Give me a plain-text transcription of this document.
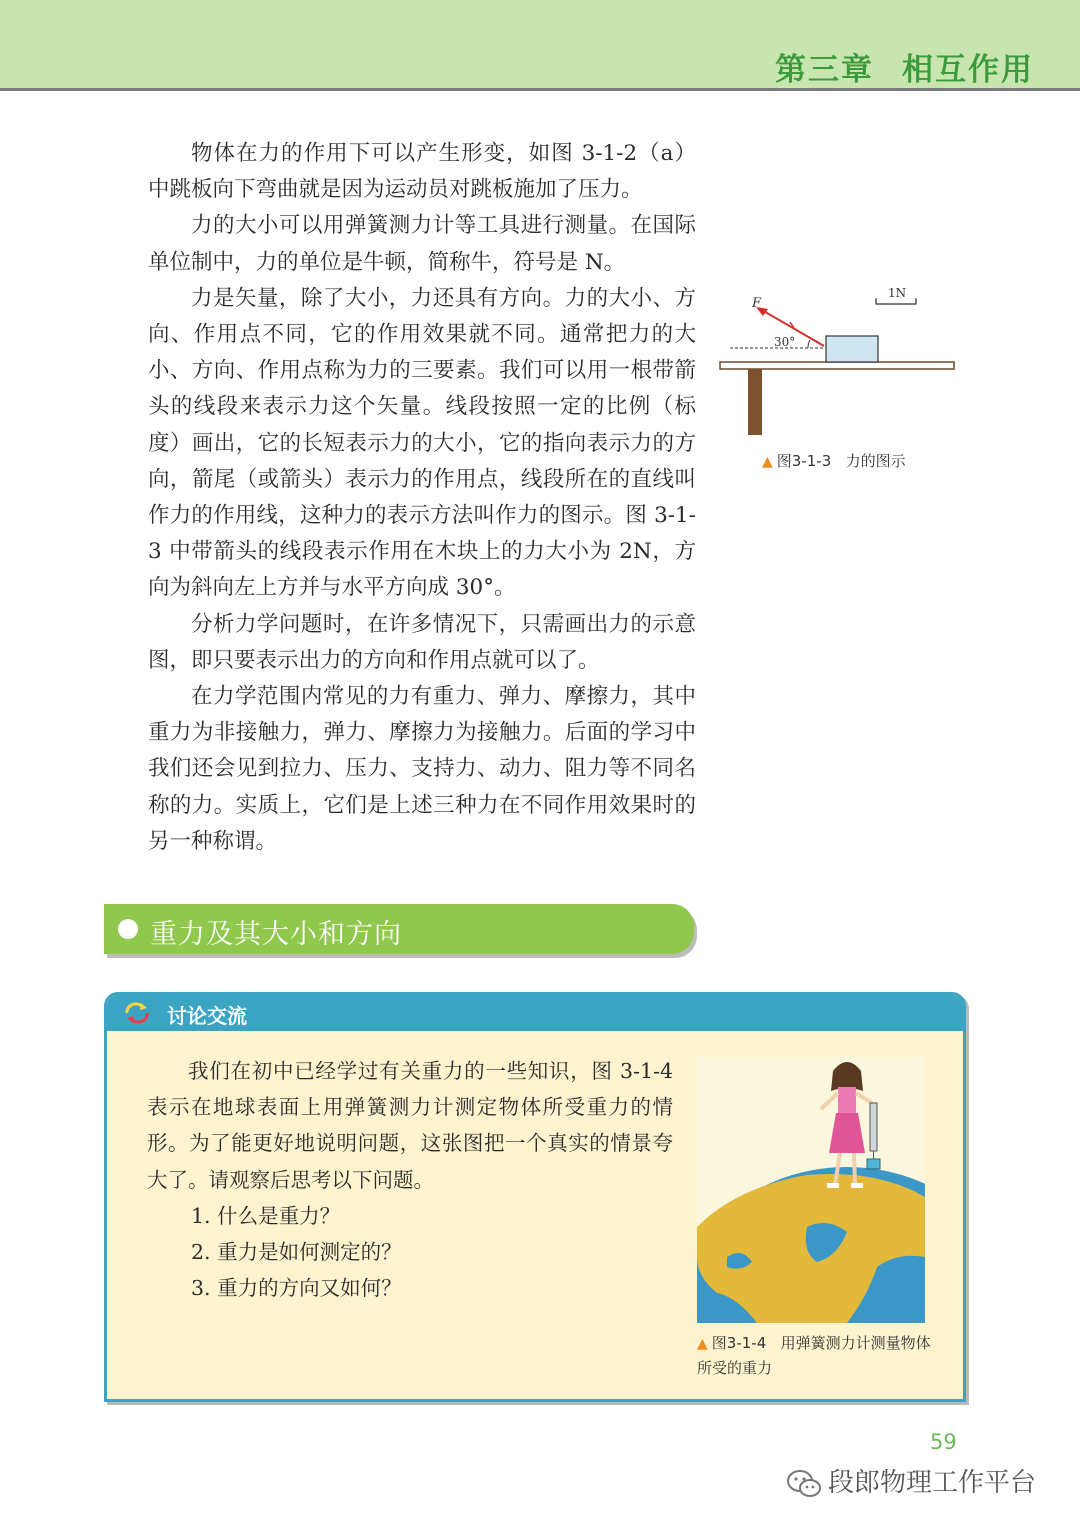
第三章 相互作用

物体在力的作用下可以产生形变，如图 3-1-2（a）中跳板向下弯曲就是因为运动员对跳板施加了压力。

力的大小可以用弹簧测力计等工具进行测量。在国际单位制中，力的单位是牛顿，简称牛，符号是 N。

力是矢量，除了大小，力还具有方向。力的大小、方向、作用点不同，它的作用效果就不同。通常把力的大小、方向、作用点称为力的三要素。我们可以用一根带箭头的线段来表示力这个矢量。线段按照一定的比例（标度）画出，它的长短表示力的大小，它的指向表示力的方向，箭尾（或箭头）表示力的作用点，线段所在的直线叫作力的作用线，这种力的表示方法叫作力的图示。图 3-1-3 中带箭头的线段表示作用在木块上的力大小为 2N，方向为斜向左上方并与水平方向成 30°。

分析力学问题时，在许多情况下，只需画出力的示意图，即只要表示出力的方向和作用点就可以了。

在力学范围内常见的力有重力、弹力、摩擦力，其中重力为非接触力，弹力、摩擦力为接触力。后面的学习中我们还会见到拉力、压力、支持力、动力、阻力等不同名称的力。实质上，它们是上述三种力在不同作用效果时的另一种称谓。

1N
F
30°
▲ 图3-1-3 力的图示
重力及其大小和方向
讨论交流

我们在初中已经学过有关重力的一些知识，图 3-1-4表示在地球表面上用弹簧测力计测定物体所受重力的情形。为了能更好地说明问题，这张图把一个真实的情景夸大了。请观察后思考以下问题。

1. 什么是重力？

2. 重力是如何测定的？

3. 重力的方向又如何？

▲ 图3-1-4 用弹簧测力计测量物体所受的重力
59
段郎物理工作平台
